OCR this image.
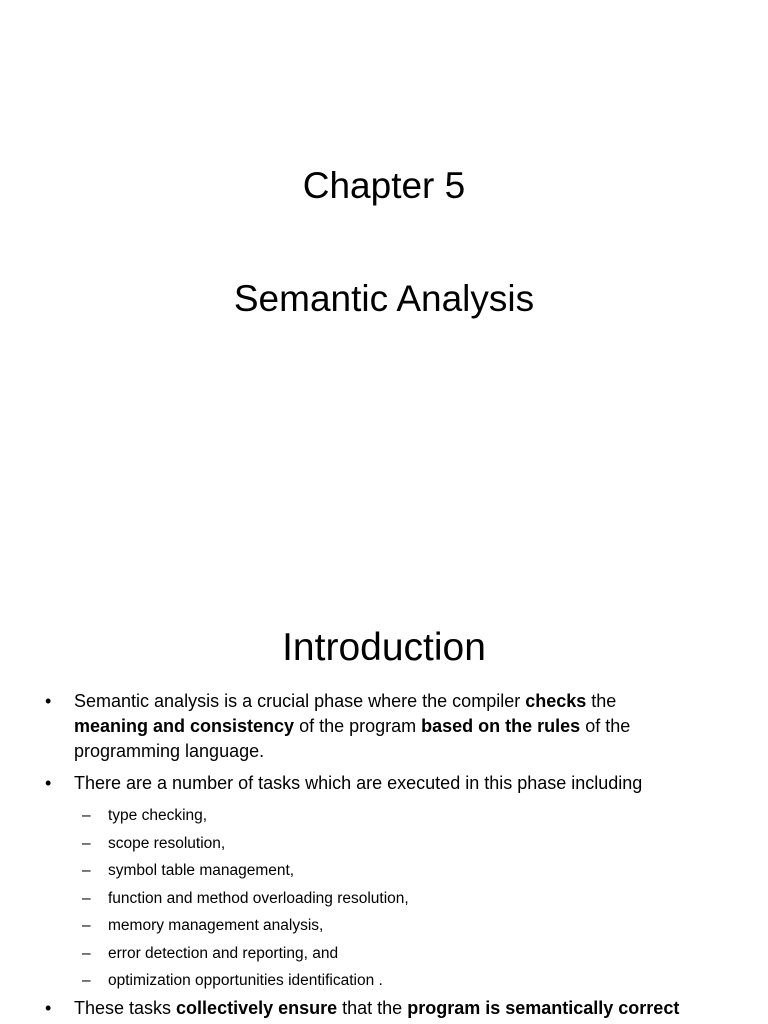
Chapter 5
Semantic Analysis
Introduction
• Semantic analysis is a crucial phase where the compiler checks the
meaning and consistency of the program based on the rules of the
programming language.
• There are a number of tasks which are executed in this phase including
– type checking,
– scope resolution,
– symbol table management,
– function and method overloading resolution,
– memory management analysis,
– error detection and reporting, and
– optimization opportunities identification .
• These tasks collectively ensure that the program is semantically correct
